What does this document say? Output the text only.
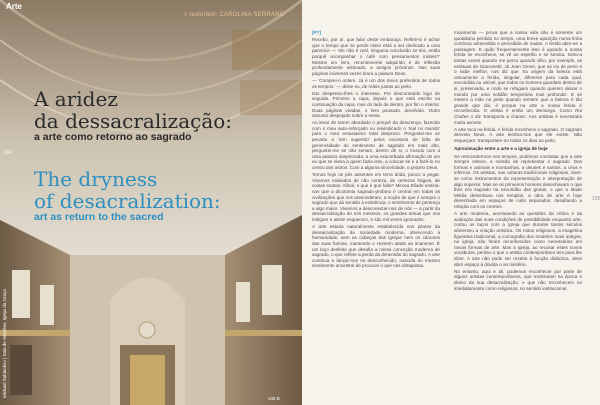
Arte
> texto/text: CAROLINA SERRANO
A aridez
da dessacralização:
a arte como retorno ao sagrado
The dryness
of desacralization:
art as return to the sacred
104
Michael Sabinokov | Sala de Sessões, Igreja da Graça
105 B

[PT]

Recebo, por aí, que falar deste embaraça. Refleti-lo é achar que o tempo que se perde nisso está a ser dedicado a uma parvoíce — 'ele não é real, ninguma conclusão se tira, então porquê acompanhar o café com pensamentos inúteis?' Mostrei um livro, recentemente adquirido e de reflexão profundamente estimado, a amigos próximos. Nas suas páginas inúmeras vezes tirara a palavra Deus.

— 'Comprei-o ontem. Já é um dos meus preferidos de todos os tempos.' — disse eu, de mãos juntas ao peito.

Isto despertou-lhes o interesse. Por descontraído logo de seguida. Primeiro a capa, depois o que está escrito na continuação da capa, mas do lado de dentro, por fim o interior. Duas páginas viradas, o livro pousado, devolvido. Outro assunto despejado sobre a mesa.

Ao levar de tarem abordado o porquê da descrença, fazendo com o meu auto-reforçado ou reivindicado o 'mal no mundo' para o meu entusiasmo total desprezo. Perguntei-me se pecaria a 'tem sugerido' pelos excessos de falta de generosidade do sentimento de sagrado em mais alto, perguntei-me se não seriam, dentro de si, o mundo com a uma palavra desprezada: a uma exacerbada afirmação de um eu que se eleva a quem fazia isso, a colocar-se e a fazê-lo no centro dos astros. Com a alguma sinceridade, o próprio Deus.

Temos hoje os pés assentes em terra árida, pouco a pegar. Vivemos rodeados de não certeza, de certezas frágeis, de coisas exatas. Afinal, o que é que falta? Mircea Eliade ensina-nos que a dicotomia sagrado-profano é central em todas as civilizações que nos antecederam, a noção de que é sempre o sagrado que dá sentido à existência, o sentimento de pertença a algo maior. Vivemos a desconectar-nos de nós — a partir da dessacralização de nós mesmos, os grandes temas que nos intrigam e assim esquecem, e são mil vezes ignorados.

A arte estaria naturalmente estabelecida nos pilares da dessacralização da sociedade moderna, oferecendo à humanidade, sem as cabeças das igrejas nem os cânones das suas formas, mantendo o Homem atado ao imanente. É um laço desfeito que desafia a nossa conceção moderna de sagrado, o que reflete a perda da dimensão do sagrado. A arte continua a lançar-nos no desconhecido, nascida do mesmo sentimento ancestral de procurar o que nos ultrapassa.

movimento — prova que a nossa vida não é somente um quotidiano perdido no tempo, uma breve aparição numa linha contínua antecedida e precedida de nadas. A ferida abre-se a passagem. E quão frequentemente isso é quando a nossa ferida se reconhece, se vê ao espelho e se lumina. Sinto-a tantas vezes quando me perco quando olho, por exemplo, as estátuas de Giacometti. Já Jean Genet, que as viu de perto e o sabe melhor, nos diz que 'na origem da beleza está unicamente a ferida, singular, diferente para cada qual, escondida ou visível, que todos os homens guardam dentro de si, preservada, e onde se refugiam quando querem deixar o mundo por uma solidão temporária mas profunda'. E se metem a mão no peito quando sentem que a beleza é tão grande que dói, é porque na arte a nossa ferida é reconhecida. O artista é então um demiurgo. Como Rui Chafes o diz 'transporta a chama'. Aos artistas é necessária muita ascese.

A arte toca na ferida. A ferida reconhece o sagrado. O sagrado desvela Deus. A arte lembra-nos que ele existe. Não esqueçam: transportam-no todos os dias ao peito.

Aproximação entre a arte e a igreja de hoje

Se retrocedermos nos tempos, podemos constatar que a arte sempre esteve, a missão de representar o sagrado. Das formas e animais e montanhas, a deuses e santos, a céus e infernos. Os artistas, nas culturas tradicionais religiosas, viam-se como instrumentos da representação e interpretação de algo superior. Mas se os primeiros homens desenhavam o que lhes era sagrado na escuridão das grutas, o que a Idade Média desenhava nos templos, a obra de arte é hoje desenhada em espaços de culto separados, desafiando a relação com os crentes.

A arte moderna, acentuando as questões da crítica e da avaliação das suas condições de possibilidade enquanto arte, cortou os laços com a Igreja que durante tantos séculos alimentou a criação artística. Os mitos religiosos, a imagética figurativa tradicional, a iconografia dos modelos mais antigos, na igreja, não foram reconhecidos como necessários em novas formas de arte. Mas a Igreja, ao recusar estes novos vocábulos, perdeu o que o artista contemporâneo tem para lhe dizer. A arte não pode ser restrita à função didáctica, deve abrir espaço à dúvida e ao mistério.

No entanto, aqui e ali, podemos reconhecer por parte de alguns artistas contemporâneos, que mostraram na época o divino da sua desacralização, e que não reconhecem no imediatamente como religiosos, no sentido institucional.

105
